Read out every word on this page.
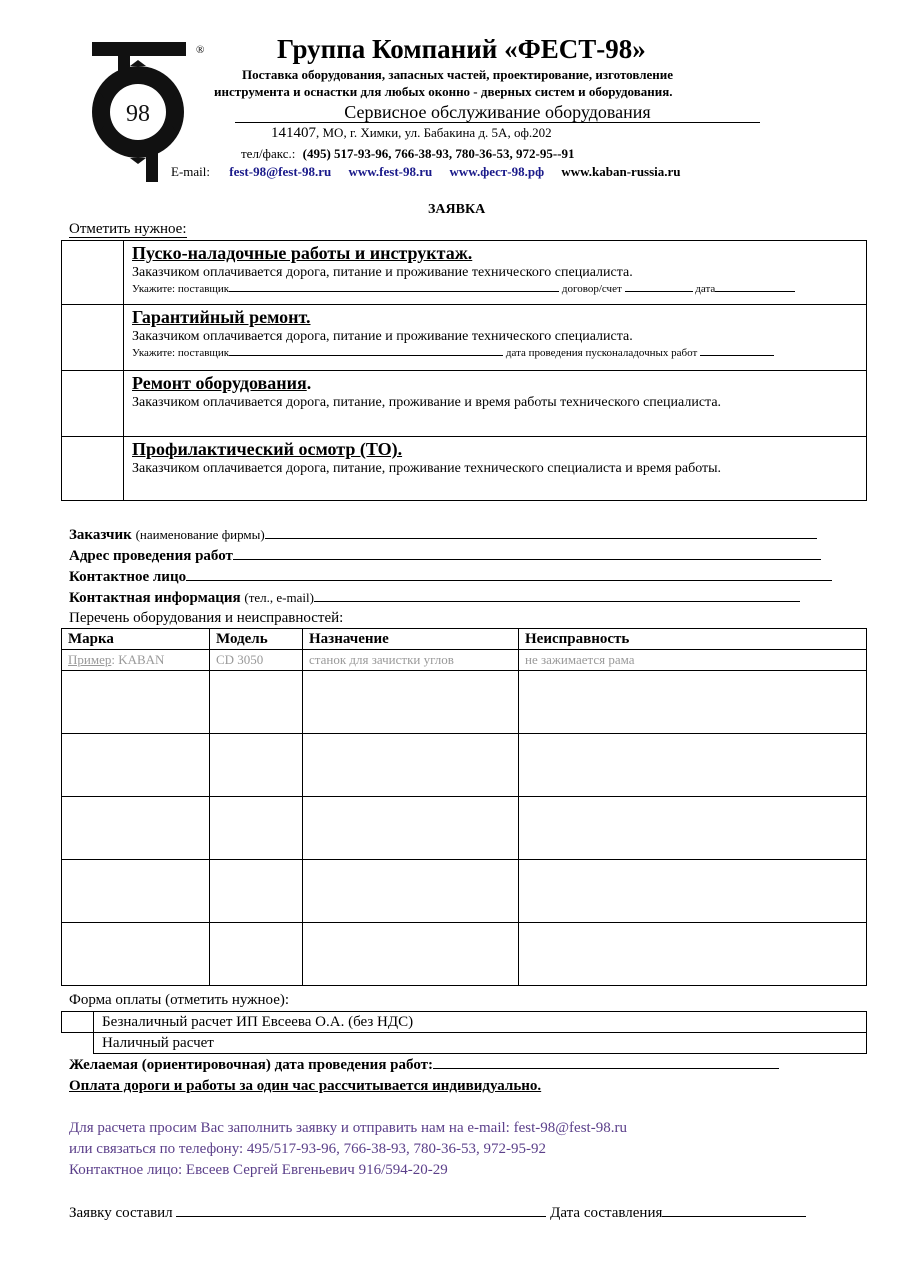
98
®	Группа Компаний «ФЕСТ-98»
Поставка оборудования, запасных частей, проектирование, изготовление
инструмента и оснастки для любых оконно - дверных систем и оборудования.
Сервисное обслуживание оборудования
141407, МО, г. Химки, ул. Бабакина д. 5А, оф.202
тел/факс.: (495) 517-93-96, 766-38-93, 780-36-53, 972-95--91
E-mail: fest-98@fest-98.ru www.fest-98.ru www.фест-98.рф www.kaban-russia.ru
ЗАЯВКА
Отметить нужное:

	Пуско-наладочные работы и инструктаж.
Заказчиком оплачивается дорога, питание и проживание технического специалиста.
Укажите: поставщик договор/счет дата

	Гарантийный ремонт.
Заказчиком оплачивается дорога, питание и проживание технического специалиста.
Укажите: поставщик дата проведения пусконаладочных работ

	Ремонт оборудования.
Заказчиком оплачивается дорога, питание, проживание и время работы технического специалиста.

	Профилактический осмотр (ТО).
Заказчиком оплачивается дорога, питание, проживание технического специалиста и время работы.
Заказчик (наименование фирмы)
Адрес проведения работ
Контактное лицо
Контактная информация (тел., e-mail)
Перечень оборудования и неисправностей:
Марка	Модель	Назначение	Неисправность
Пример: KABAN	CD 3050	станок для зачистки углов	не зажимается рама

Форма оплаты (отметить нужное):
	Безналичный расчет ИП Евсеева О.А. (без НДС)
	Наличный расчет
Желаемая (ориентировочная) дата проведения работ:
Оплата дороги и работы за один час рассчитывается индивидуально.
Для расчета просим Вас заполнить заявку и отправить нам на e-mail: fest-98@fest-98.ru
или связаться по телефону: 495/517-93-96, 766-38-93, 780-36-53, 972-95-92
Контактное лицо: Евсеев Сергей Евгеньевич 916/594-20-29
Заявку составил	Дата составления
